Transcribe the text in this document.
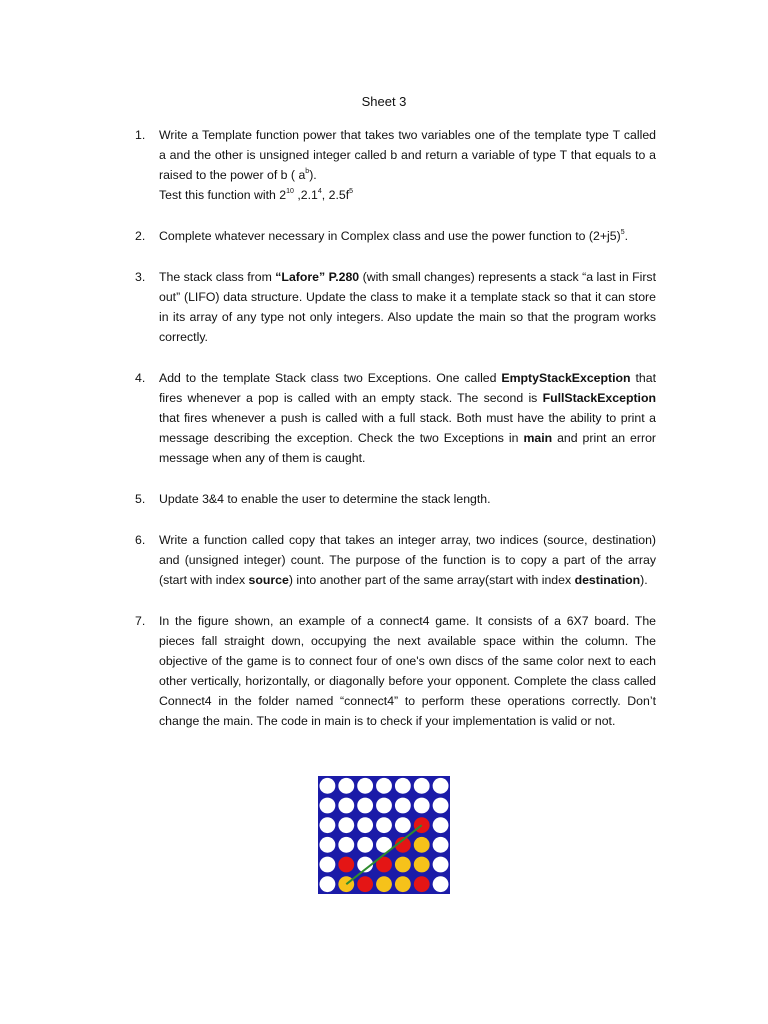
Sheet 3
1.	Write a Template function power that takes two variables one of the template type T called a and the other is unsigned integer called b and return a variable of type T that equals to a raised to the power of b ( $a^b$).

Test this function with $2^{10}$ ,2.1$^4$, $2.5f^5$

2.	Complete whatever necessary in Complex class and use the power function to $(2+j5)^5$.

3.	The stack class from “Lafore” P.280 (with small changes) represents a stack “a last in First out” (LIFO) data structure. Update the class to make it a template stack so that it can store in its array of any type not only integers. Also update the main so that the program works correctly.

4.	Add to the template Stack class two Exceptions. One called EmptyStackException that fires whenever a pop is called with an empty stack. The second is FullStackException that fires whenever a push is called with a full stack. Both must have the ability to print a message describing the exception. Check the two Exceptions in main and print an error message when any of them is caught.

5.	Update 3&4 to enable the user to determine the stack length.

6.	Write a function called copy that takes an integer array, two indices (source, destination) and (unsigned integer) count. The purpose of the function is to copy a part of the array (start with index source) into another part of the same array(start with index destination).

7.	In the figure shown, an example of a connect4 game. It consists of a 6X7 board. The pieces fall straight down, occupying the next available space within the column. The objective of the game is to connect four of one's own discs of the same color next to each other vertically, horizontally, or diagonally before your opponent. Complete the class called Connect4 in the folder named “connect4” to perform these operations correctly. Don’t change the main. The code in main is to check if your implementation is valid or not.
